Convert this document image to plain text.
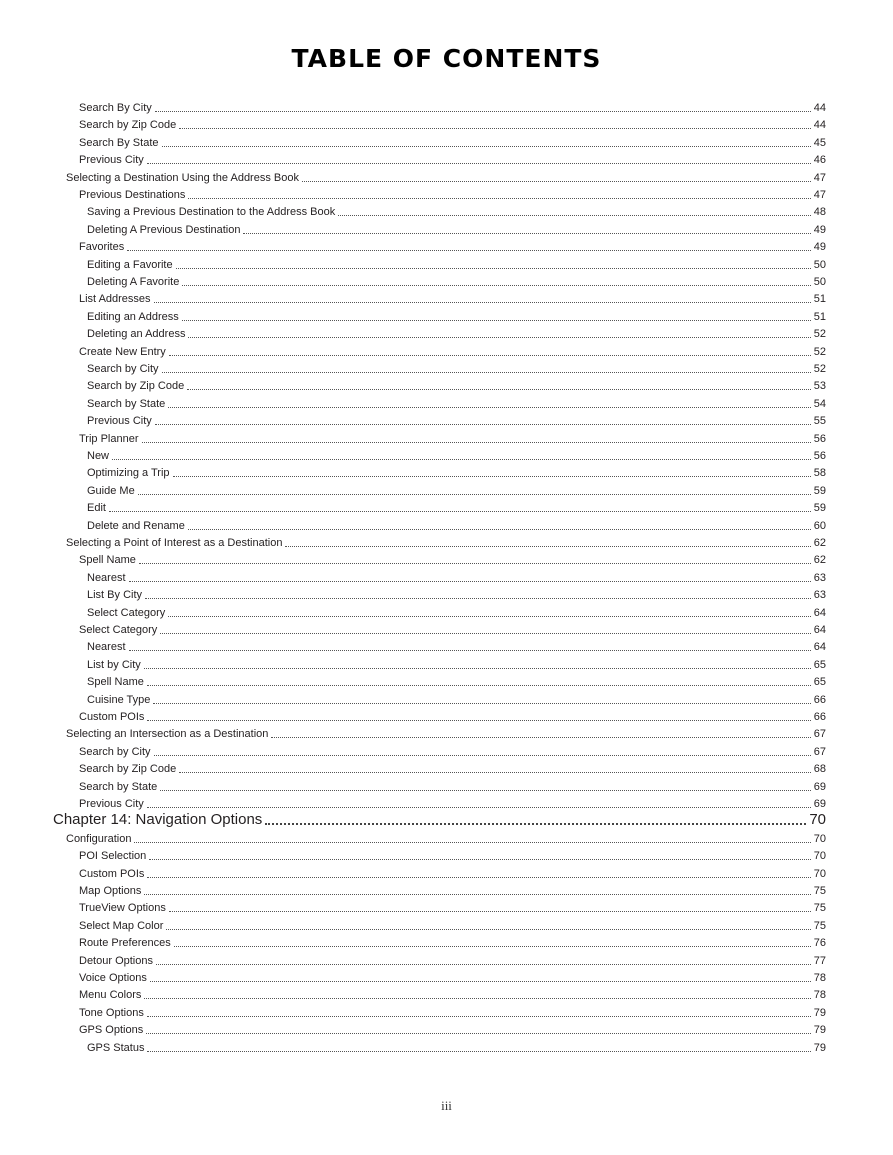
TABLE OF CONTENTS
Search By City	44
Search by Zip Code	44
Search By State	45
Previous City	46
Selecting a Destination Using the Address Book	47
Previous Destinations	47
Saving a Previous Destination to the Address Book	48
Deleting A Previous Destination	49
Favorites	49
Editing a Favorite	50
Deleting A Favorite	50
List Addresses	51
Editing an Address	51
Deleting an Address	52
Create New Entry	52
Search by City	52
Search by Zip Code	53
Search by State	54
Previous City	55
Trip Planner	56
New	56
Optimizing a Trip	58
Guide Me	59
Edit	59
Delete and Rename	60
Selecting a Point of Interest as a Destination	62
Spell Name	62
Nearest	63
List By City	63
Select Category	64
Select Category	64
Nearest	64
List by City	65
Spell Name	65
Cuisine Type	66
Custom POIs	66
Selecting an Intersection as a Destination	67
Search by City	67
Search by Zip Code	68
Search by State	69
Previous City	69
Chapter 14: Navigation Options	70
Configuration	70
POI Selection	70
Custom POIs	70
Map Options	75
TrueView Options	75
Select Map Color	75
Route Preferences	76
Detour Options	77
Voice Options	78
Menu Colors	78
Tone Options	79
GPS Options	79
GPS Status	79
iii
